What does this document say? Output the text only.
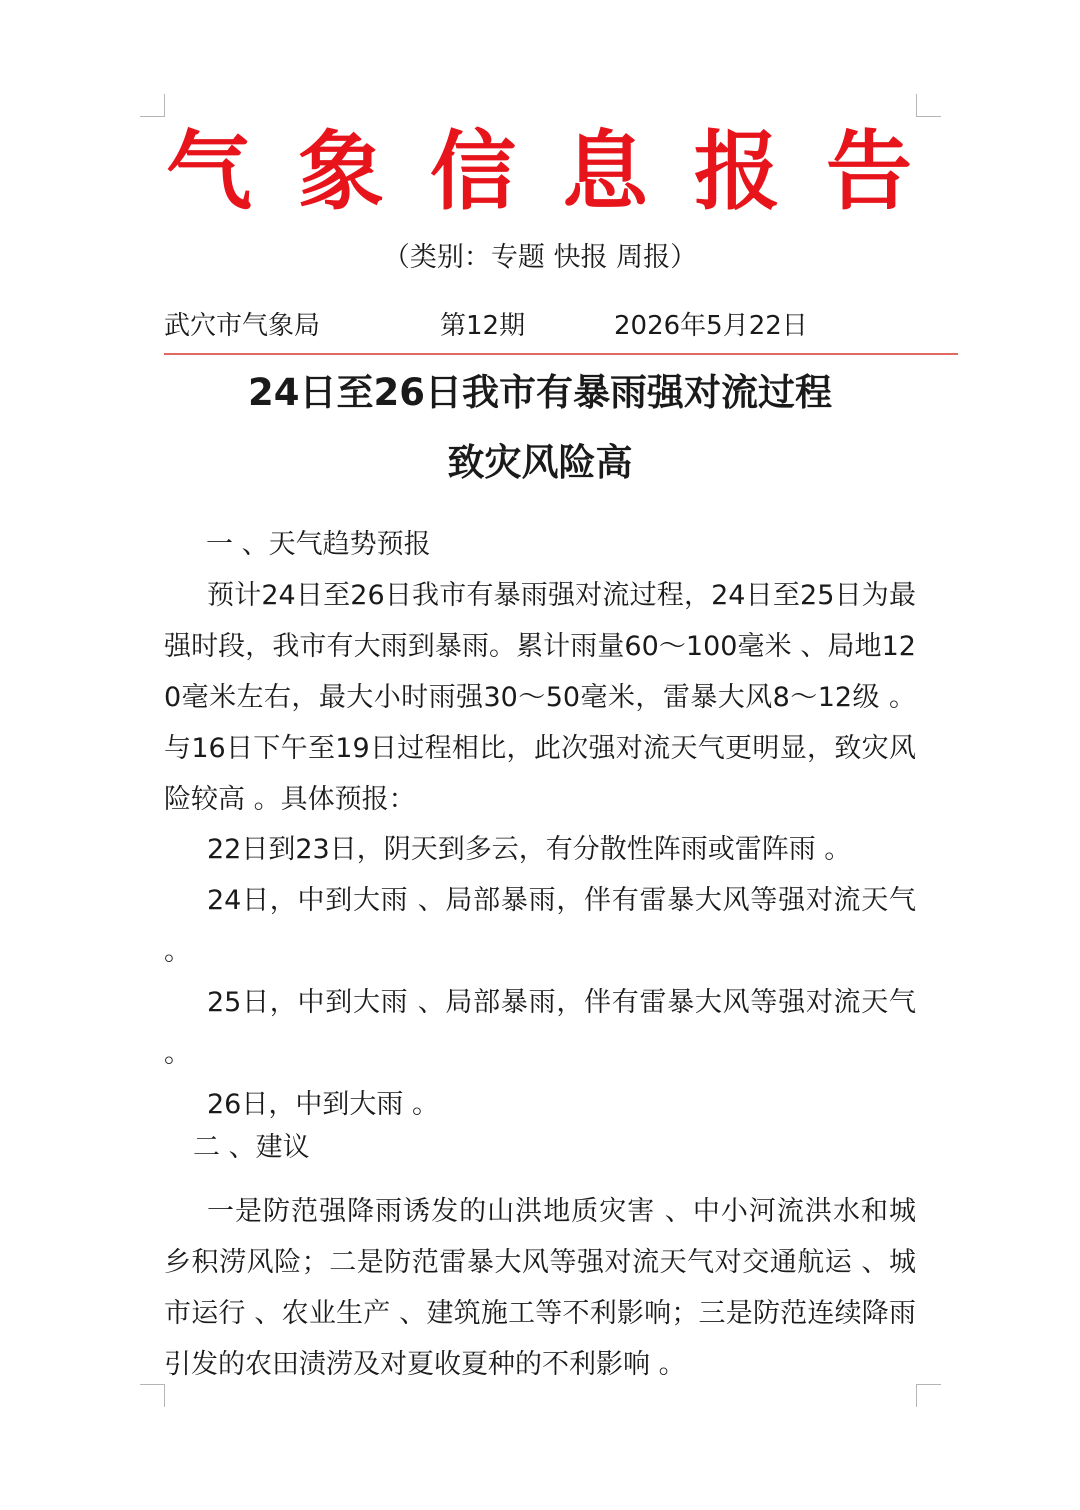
气象信息报告
（类别：专题 快报 周报）
武穴市气象局	第12期	2026年5月22日
24日至26日我市有暴雨强对流过程
致灾风险高
一 、天气趋势预报
预计24日至26日我市有暴雨强对流过程，24日至25日为最强时段，我市有大雨到暴雨。累计雨量60～100毫米 、局地120毫米左右，最大小时雨强30～50毫米，雷暴大风8～12级 。与16日下午至19日过程相比，此次强对流天气更明显，致灾风险较高 。具体预报：
22日到23日，阴天到多云，有分散性阵雨或雷阵雨 。
24日，中到大雨 、局部暴雨，伴有雷暴大风等强对流天气 。
25日，中到大雨 、局部暴雨，伴有雷暴大风等强对流天气 。
26日，中到大雨 。
二 、建议
一是防范强降雨诱发的山洪地质灾害 、中小河流洪水和城乡积涝风险；二是防范雷暴大风等强对流天气对交通航运 、城市运行 、农业生产 、建筑施工等不利影响；三是防范连续降雨引发的农田渍涝及对夏收夏种的不利影响 。
